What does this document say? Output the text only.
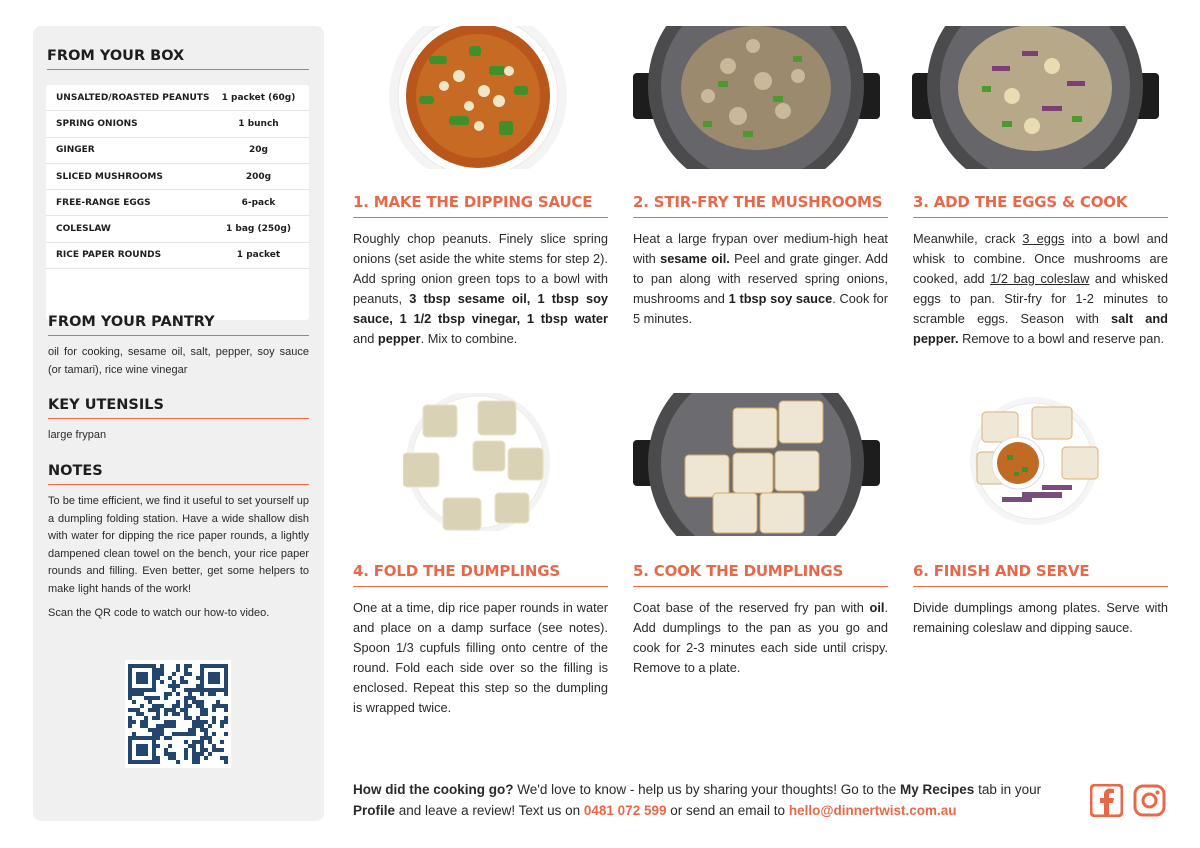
FROM YOUR BOX
UNSALTED/ROASTED PEANUTS	1 packet (60g)
SPRING ONIONS	1 bunch
GINGER	20g
SLICED MUSHROOMS	200g
FREE-RANGE EGGS	6-pack
COLESLAW	1 bag (250g)
RICE PAPER ROUNDS	1 packet
FROM YOUR PANTRY
oil for cooking, sesame oil, salt, pepper, soy sauce (or tamari), rice wine vinegar
KEY UTENSILS
large frypan
NOTES
To be time efficient, we find it useful to set yourself up a dumpling folding station. Have a wide shallow dish with water for dipping the rice paper rounds, a lightly dampened clean towel on the bench, your rice paper rounds and filling. Even better, get some helpers to make light hands of the work!
Scan the QR code to watch our how-to video.
1. MAKE THE DIPPING SAUCE
Roughly chop peanuts. Finely slice spring onions (set aside the white stems for step 2). Add spring onion green tops to a bowl with peanuts, 3 tbsp sesame oil, 1 tbsp soy sauce, 1 1/2 tbsp vinegar, 1 tbsp water and pepper. Mix to combine.
2. STIR-FRY THE MUSHROOMS
Heat a large frypan over medium-high heat with sesame oil. Peel and grate ginger. Add to pan along with reserved spring onions, mushrooms and 1 tbsp soy sauce. Cook for 5 minutes.
3. ADD THE EGGS & COOK
Meanwhile, crack 3 eggs into a bowl and whisk to combine. Once mushrooms are cooked, add 1/2 bag coleslaw and whisked eggs to pan. Stir-fry for 1-2 minutes to scramble eggs. Season with salt and pepper. Remove to a bowl and reserve pan.
4. FOLD THE DUMPLINGS
One at a time, dip rice paper rounds in water and place on a damp surface (see notes). Spoon 1/3 cupfuls filling onto centre of the round. Fold each side over so the filling is enclosed. Repeat this step so the dumpling is wrapped twice.
5. COOK THE DUMPLINGS
Coat base of the reserved fry pan with oil. Add dumplings to the pan as you go and cook for 2-3 minutes each side until crispy. Remove to a plate.
6. FINISH AND SERVE
Divide dumplings among plates. Serve with remaining coleslaw and dipping sauce.
How did the cooking go? We'd love to know - help us by sharing your thoughts! Go to the My Recipes tab in your Profile and leave a review! Text us on 0481 072 599 or send an email to hello@dinnertwist.com.au
